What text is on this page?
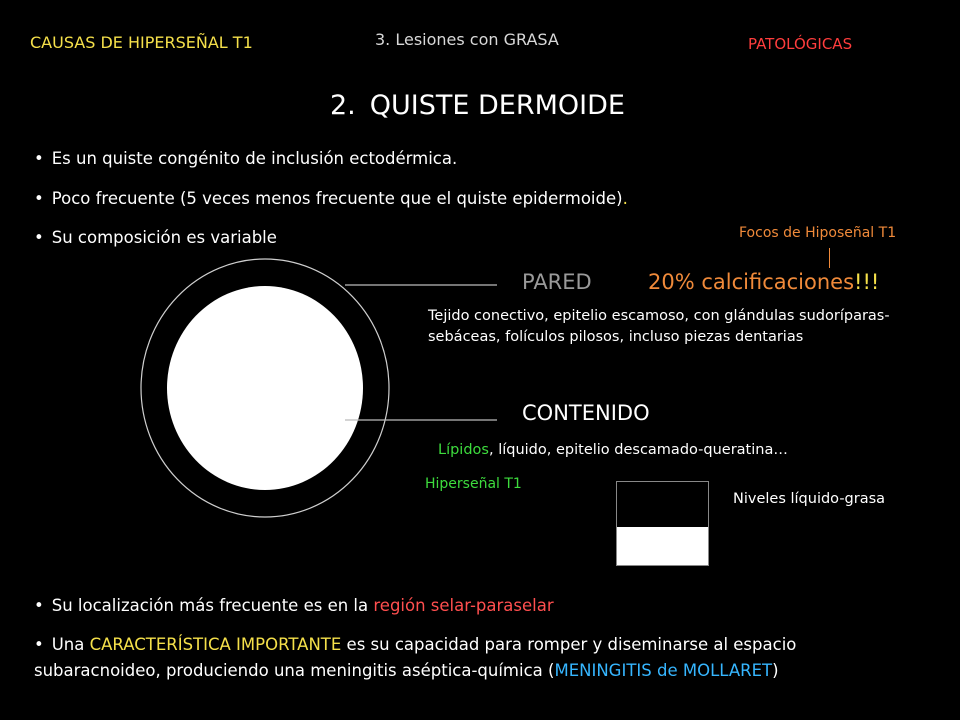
CAUSAS DE HIPERSEÑAL T1	3. Lesiones con GRASA	PATOLÓGICAS
2. QUISTE DERMOIDE
• Es un quiste congénito de inclusión ectodérmica.
• Poco frecuente (5 veces menos frecuente que el quiste epidermoide).
• Su composición es variable	Focos de Hiposeñal T1
PARED	20% calcificaciones!!!
Tejido conectivo, epitelio escamoso, con glándulas sudoríparas-sebáceas, folículos pilosos, incluso piezas dentarias
CONTENIDO
Lípidos, líquido, epitelio descamado-queratina…
Hiperseñal T1
Niveles líquido-grasa
• Su localización más frecuente es en la región selar-paraselar
• Una CARACTERÍSTICA IMPORTANTE es su capacidad para romper y diseminarse al espacio subaracnoideo, produciendo una meningitis aséptica-química (MENINGITIS de MOLLARET)
